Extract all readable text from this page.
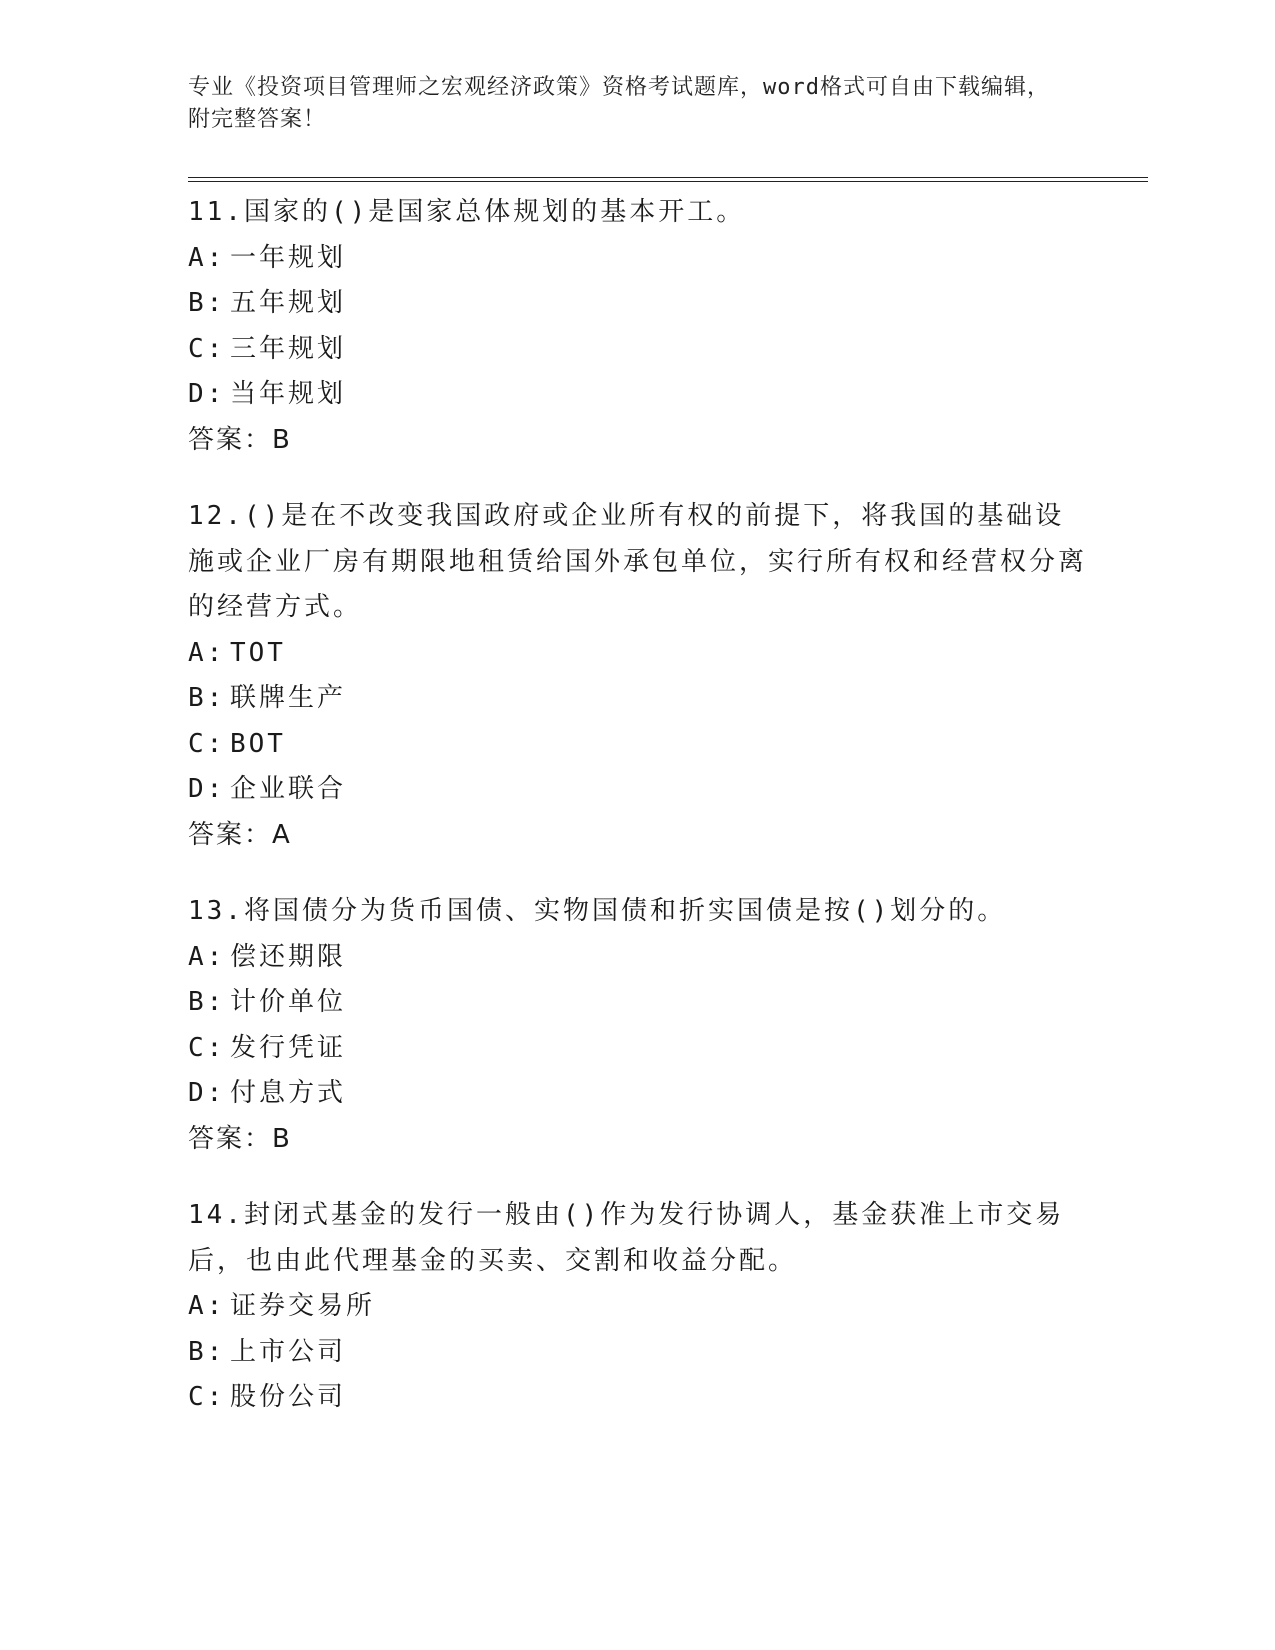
专业《投资项目管理师之宏观经济政策》资格考试题库，word格式可自由下载编辑，附完整答案！
11.国家的()是国家总体规划的基本开工。
A: 一年规划
B: 五年规划
C: 三年规划
D: 当年规划
答案：B
12.()是在不改变我国政府或企业所有权的前提下，将我国的基础设施或企业厂房有期限地租赁给国外承包单位，实行所有权和经营权分离的经营方式。
A: TOT
B: 联牌生产
C: BOT
D: 企业联合
答案：A
13.将国债分为货币国债、实物国债和折实国债是按()划分的。
A: 偿还期限
B: 计价单位
C: 发行凭证
D: 付息方式
答案：B
14.封闭式基金的发行一般由()作为发行协调人，基金获准上市交易后，也由此代理基金的买卖、交割和收益分配。
A: 证券交易所
B: 上市公司
C: 股份公司
